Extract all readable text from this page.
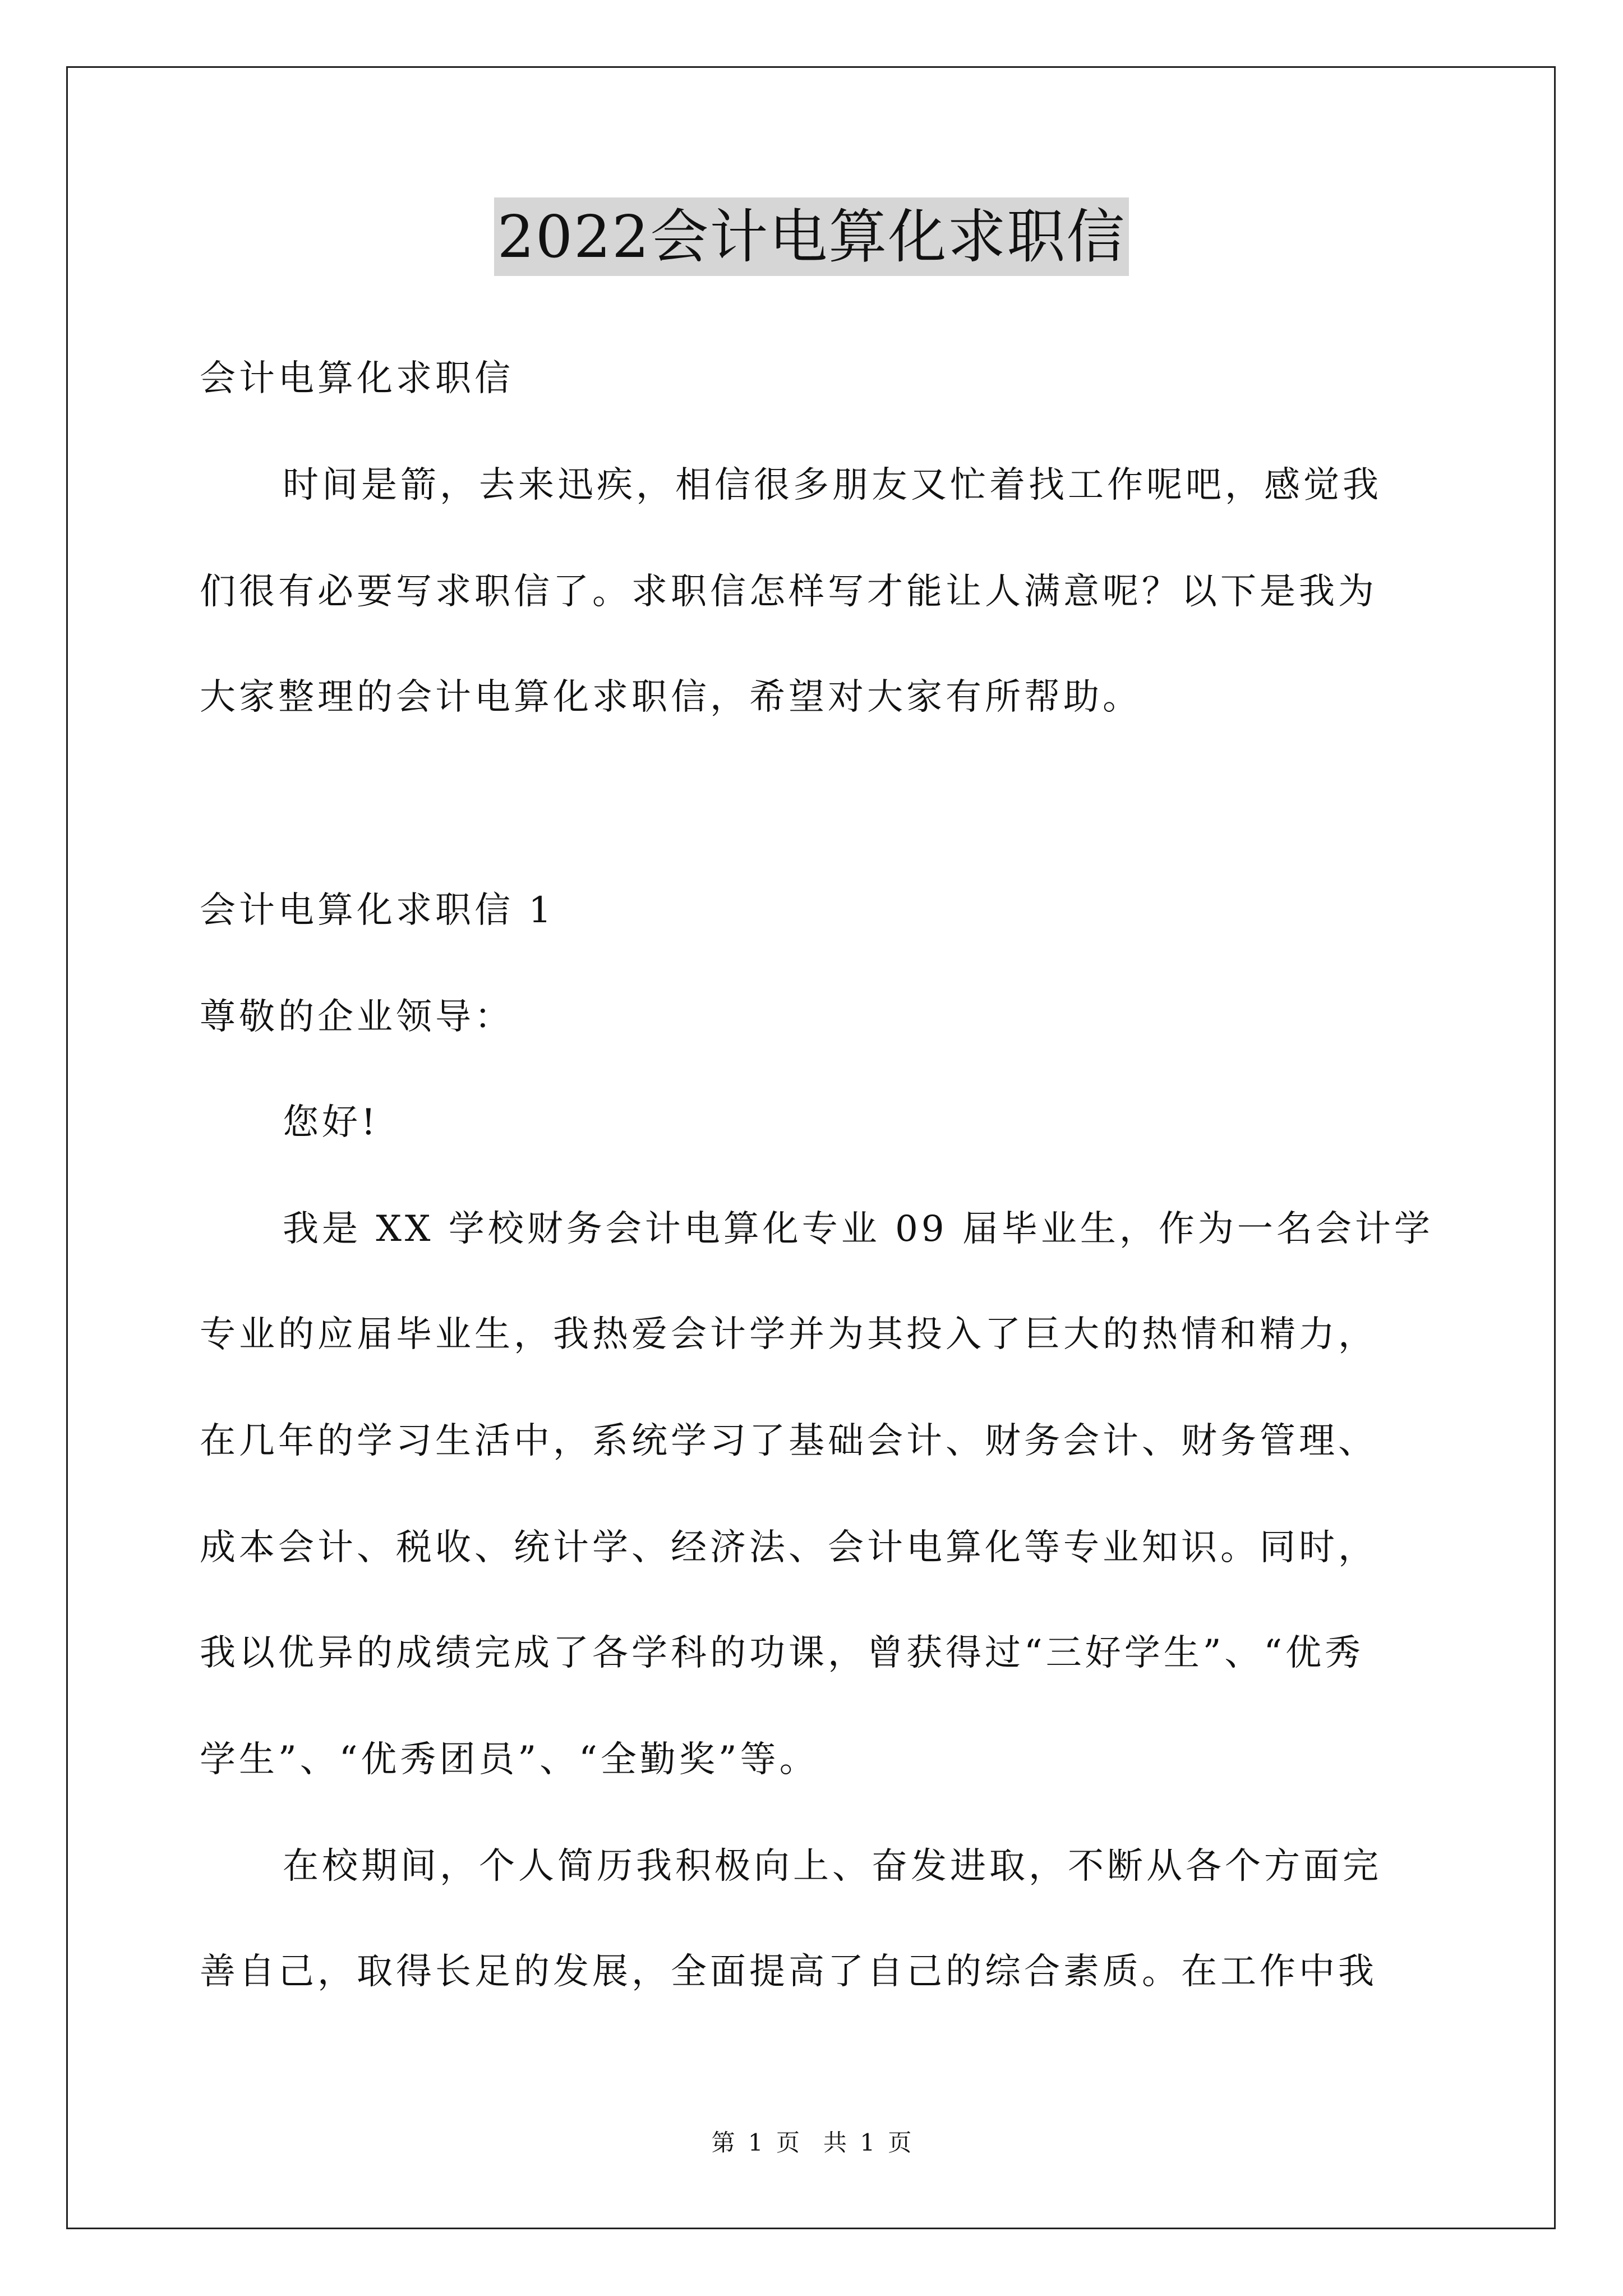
2022会计电算化求职信
会计电算化求职信
时间是箭，去来迅疾，相信很多朋友又忙着找工作呢吧，感觉我
们很有必要写求职信了。求职信怎样写才能让人满意呢？以下是我为
大家整理的会计电算化求职信，希望对大家有所帮助。
会计电算化求职信 1
尊敬的企业领导：
您好!
我是 XX 学校财务会计电算化专业 09 届毕业生，作为一名会计学
专业的应届毕业生，我热爱会计学并为其投入了巨大的热情和精力，
在几年的学习生活中，系统学习了基础会计、财务会计、财务管理、
成本会计、税收、统计学、经济法、会计电算化等专业知识。同时，
我以优异的成绩完成了各学科的功课，曾获得过“三好学生”、“优秀
学生”、“优秀团员”、“全勤奖”等。
在校期间，个人简历我积极向上、奋发进取，不断从各个方面完
善自己，取得长足的发展，全面提高了自己的综合素质。在工作中我
第 1 页　共 1 页
